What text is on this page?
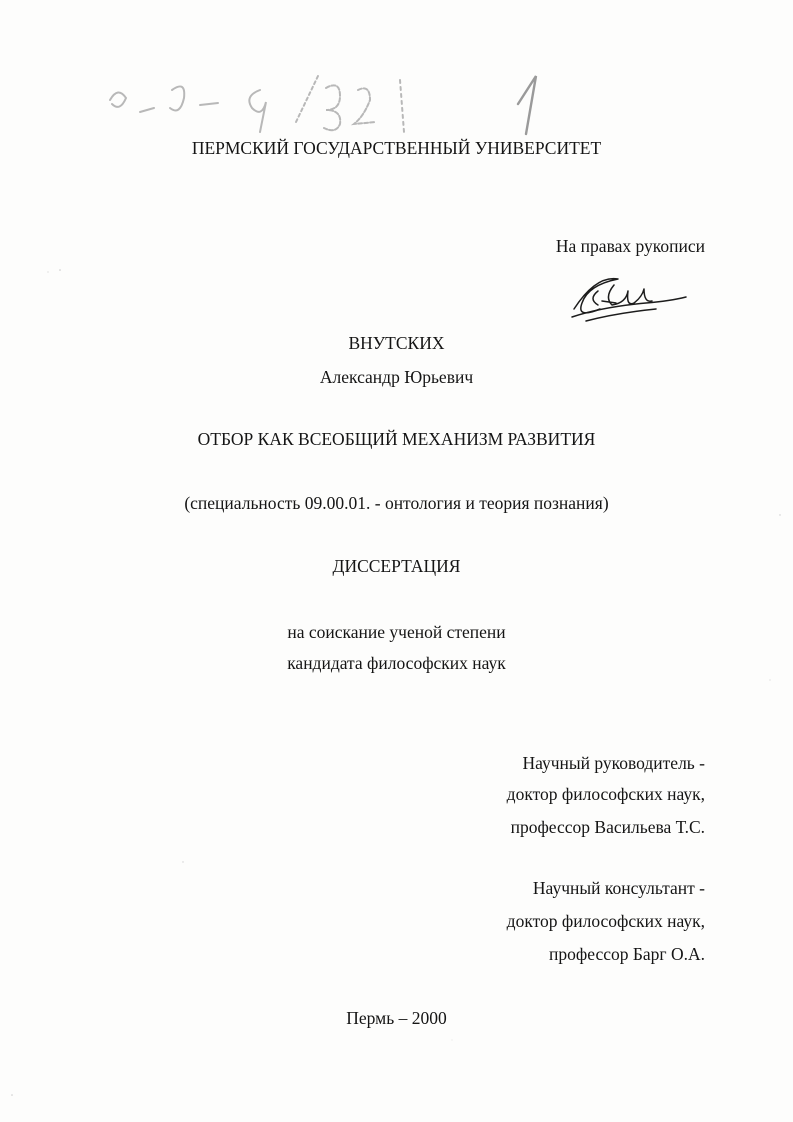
ПЕРМСКИЙ ГОСУДАРСТВЕННЫЙ УНИВЕРСИТЕТ
На правах рукописи
ВНУТСКИХ
Александр Юрьевич
ОТБОР КАК ВСЕОБЩИЙ МЕХАНИЗМ РАЗВИТИЯ
(специальность 09.00.01. - онтология и теория познания)
ДИССЕРТАЦИЯ
на соискание ученой степени
кандидата философских наук
Научный руководитель -
доктор философских наук,
профессор Васильева Т.С.
Научный консультант -
доктор философских наук,
профессор Барг О.А.
Пермь – 2000
